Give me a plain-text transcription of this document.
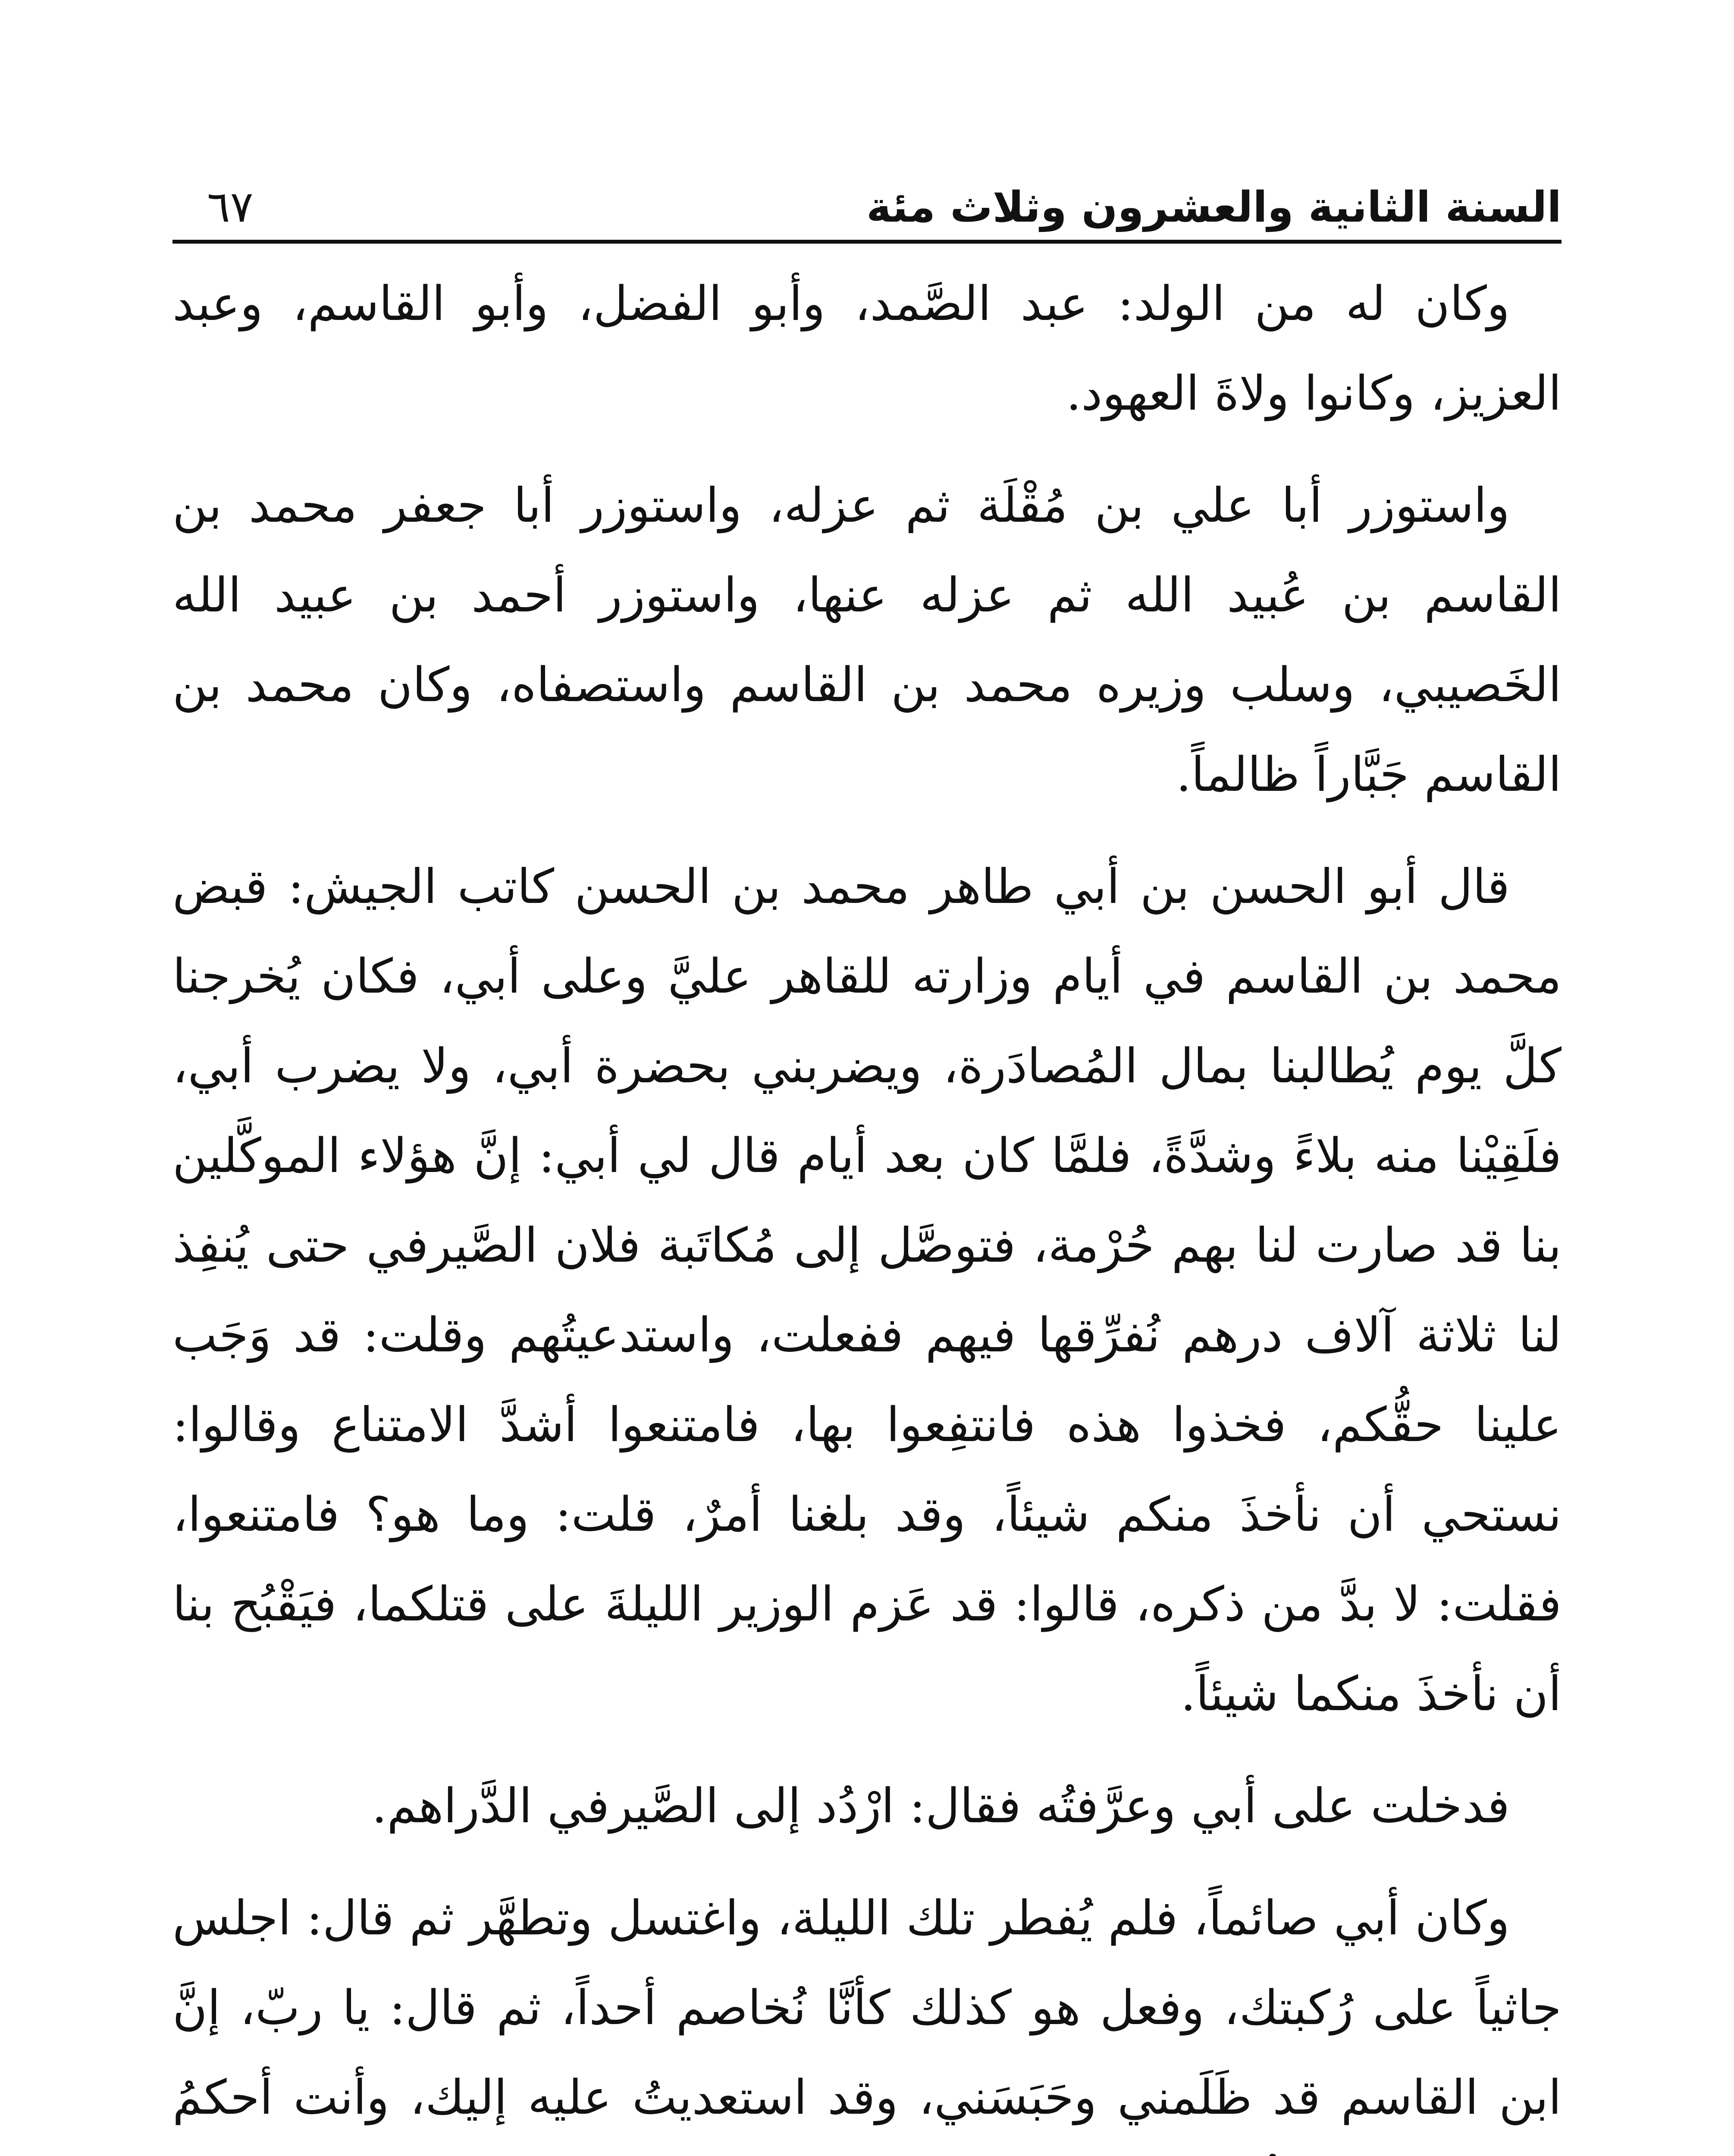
السنة الثانية والعشرون وثلاث مئة
٦٧

وكان له من الولد: عبد الصَّمد، وأبو الفضل، وأبو القاسم، وعبد العزيز، وكانوا ولاةَ العهود.

واستوزر أبا علي بن مُقْلَة ثم عزله، واستوزر أبا جعفر محمد بن القاسم بن عُبيد الله ثم عزله عنها، واستوزر أحمد بن عبيد الله الخَصيبي، وسلب وزيره محمد بن القاسم واستصفاه، وكان محمد بن القاسم جَبَّاراً ظالماً.

قال أبو الحسن بن أبي طاهر محمد بن الحسن كاتب الجيش: قبض محمد بن القاسم في أيام وزارته للقاهر عليَّ وعلى أبي، فكان يُخرجنا كلَّ يوم يُطالبنا بمال المُصادَرة، ويضربني بحضرة أبي، ولا يضرب أبي، فلَقِيْنا منه بلاءً وشدَّةً، فلمَّا كان بعد أيام قال لي أبي: إنَّ هؤلاء الموكَّلين بنا قد صارت لنا بهم حُرْمة، فتوصَّل إلى مُكاتَبة فلان الصَّيرفي حتى يُنفِذ لنا ثلاثة آلاف درهم نُفرِّقها فيهم ففعلت، واستدعيتُهم وقلت: قد وَجَب علينا حقُّكم، فخذوا هذه فانتفِعوا بها، فامتنعوا أشدَّ الامتناع وقالوا: نستحي أن نأخذَ منكم شيئاً، وقد بلغنا أمرٌ، قلت: وما هو؟ فامتنعوا، فقلت: لا بدَّ من ذكره، قالوا: قد عَزم الوزير الليلةَ على قتلكما، فيَقْبُح بنا أن نأخذَ منكما شيئاً.

فدخلت على أبي وعرَّفتُه فقال: ارْدُد إلى الصَّيرفي الدَّراهم.

وكان أبي صائماً، فلم يُفطر تلك الليلة، واغتسل وتطهَّر ثم قال: اجلس جاثياً على رُكبتك، وفعل هو كذلك كأنَّا نُخاصم أحداً، ثم قال: يا ربّ، إنَّ ابن القاسم قد ظَلَمني وحَبَسَني، وقد استعديتُ عليه إليك، وأنت أحكمُ
